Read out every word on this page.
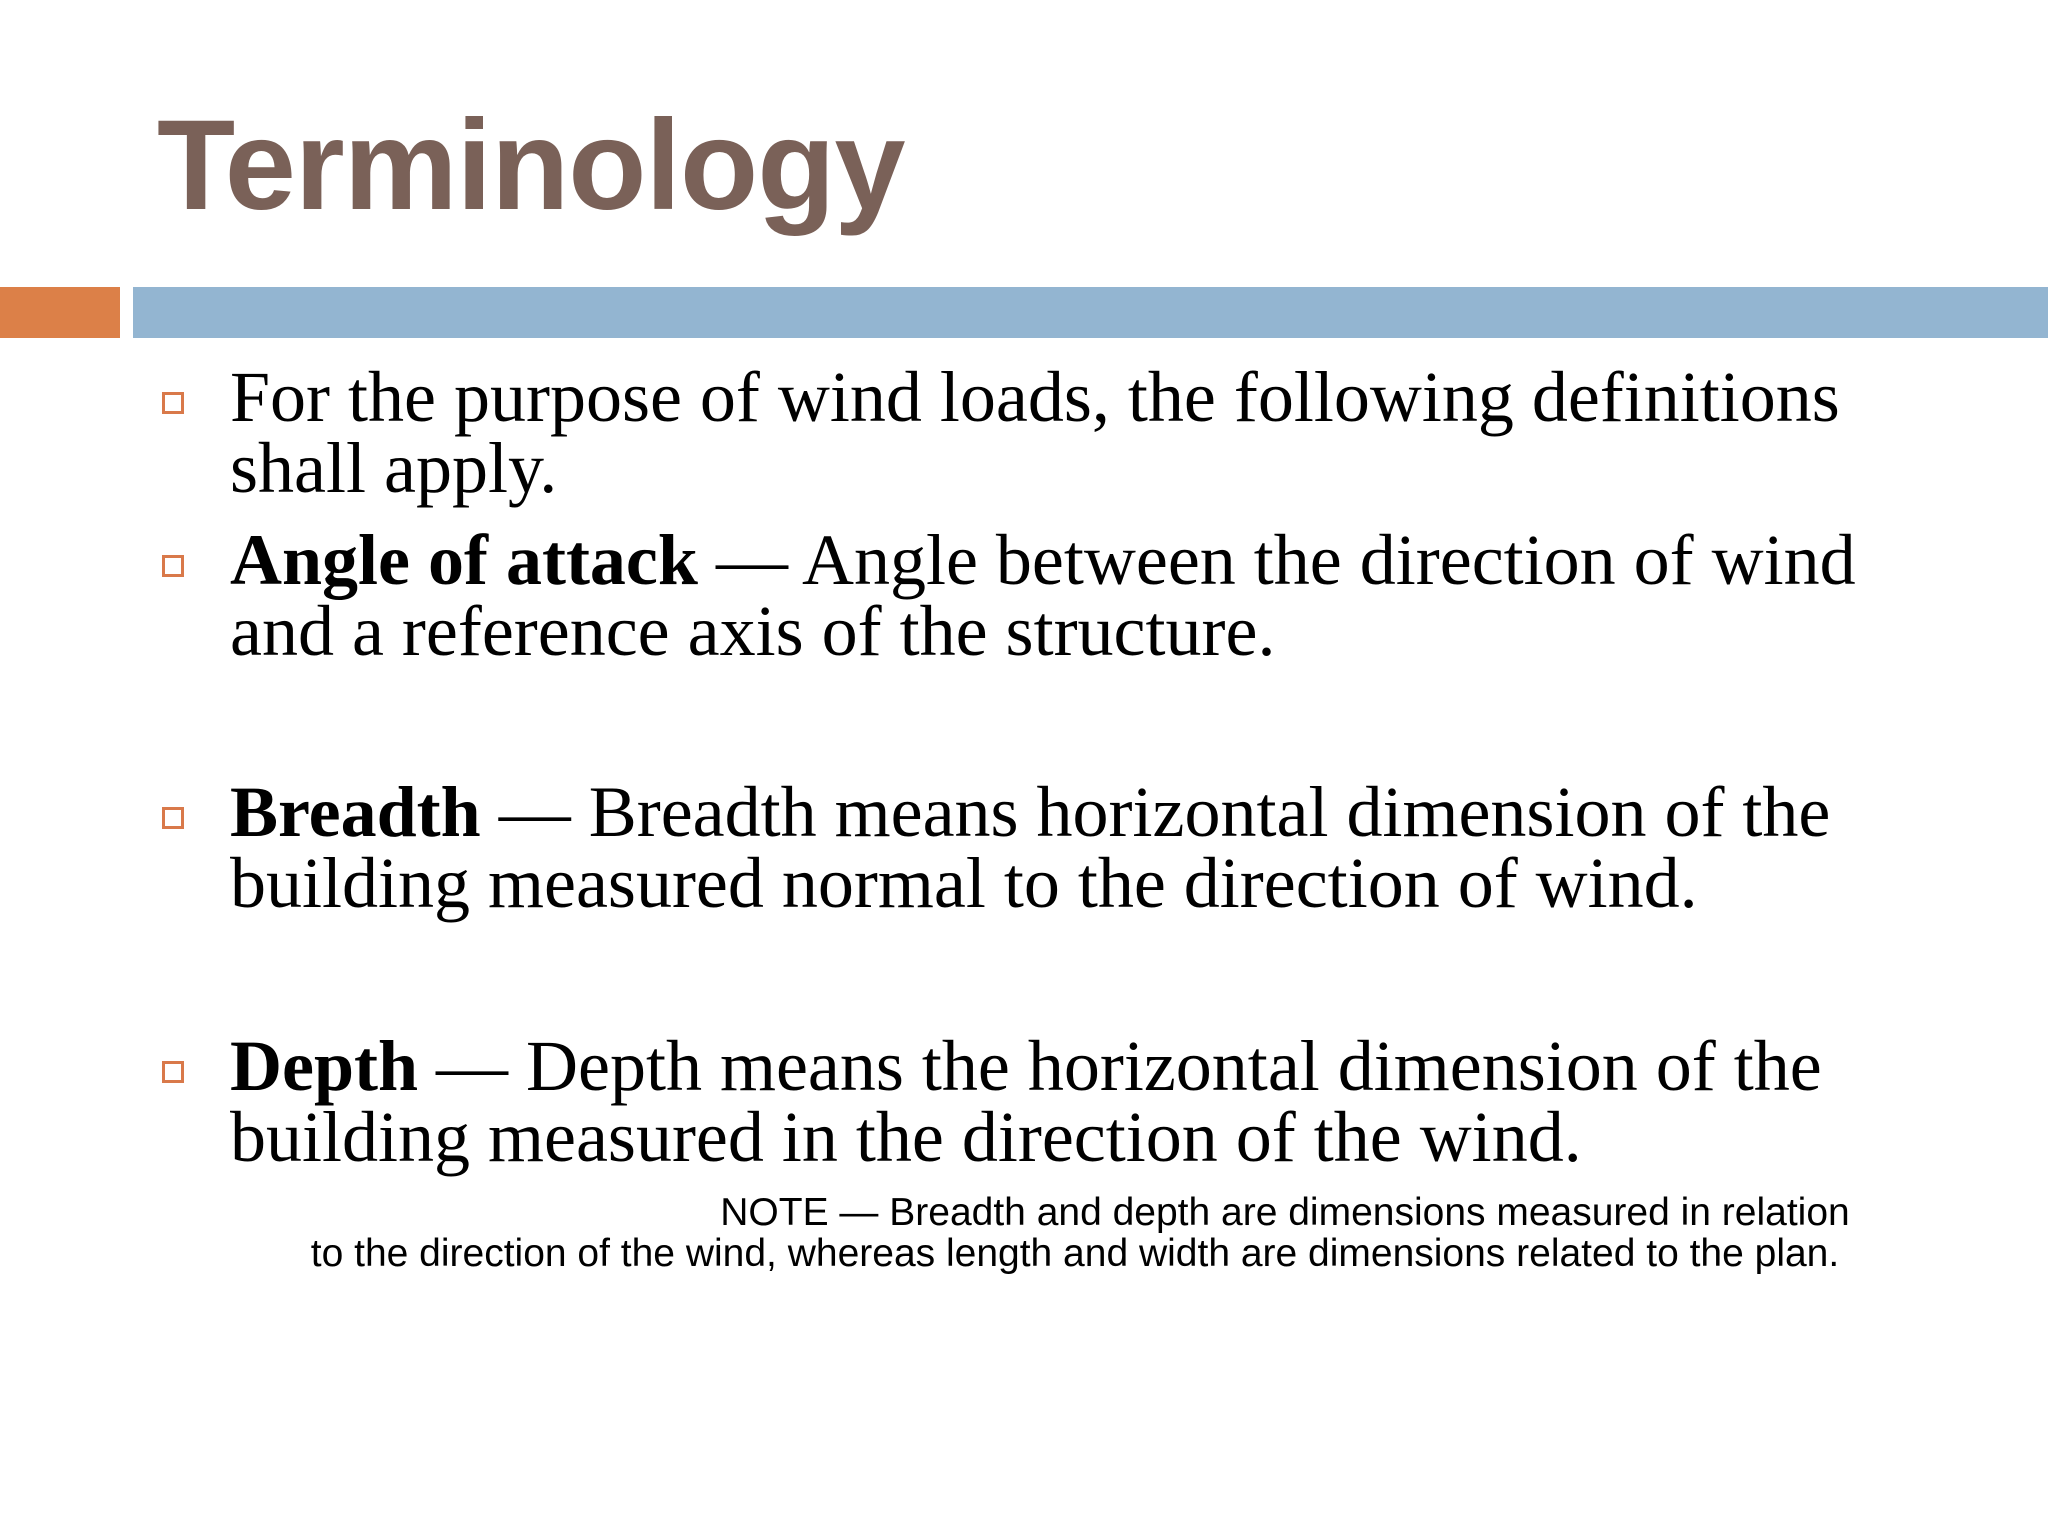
Terminology
For the purpose of wind loads, the following definitions shall apply.
Angle of attack — Angle between the direction of wind and a reference axis of the structure.
Breadth — Breadth means horizontal dimension of the building measured normal to the direction of wind.
Depth — Depth means the horizontal dimension of the building measured in the direction of the wind.
NOTE — Breadth and depth are dimensions measured in relation
to the direction of the wind, whereas length and width are dimensions related to the plan.
